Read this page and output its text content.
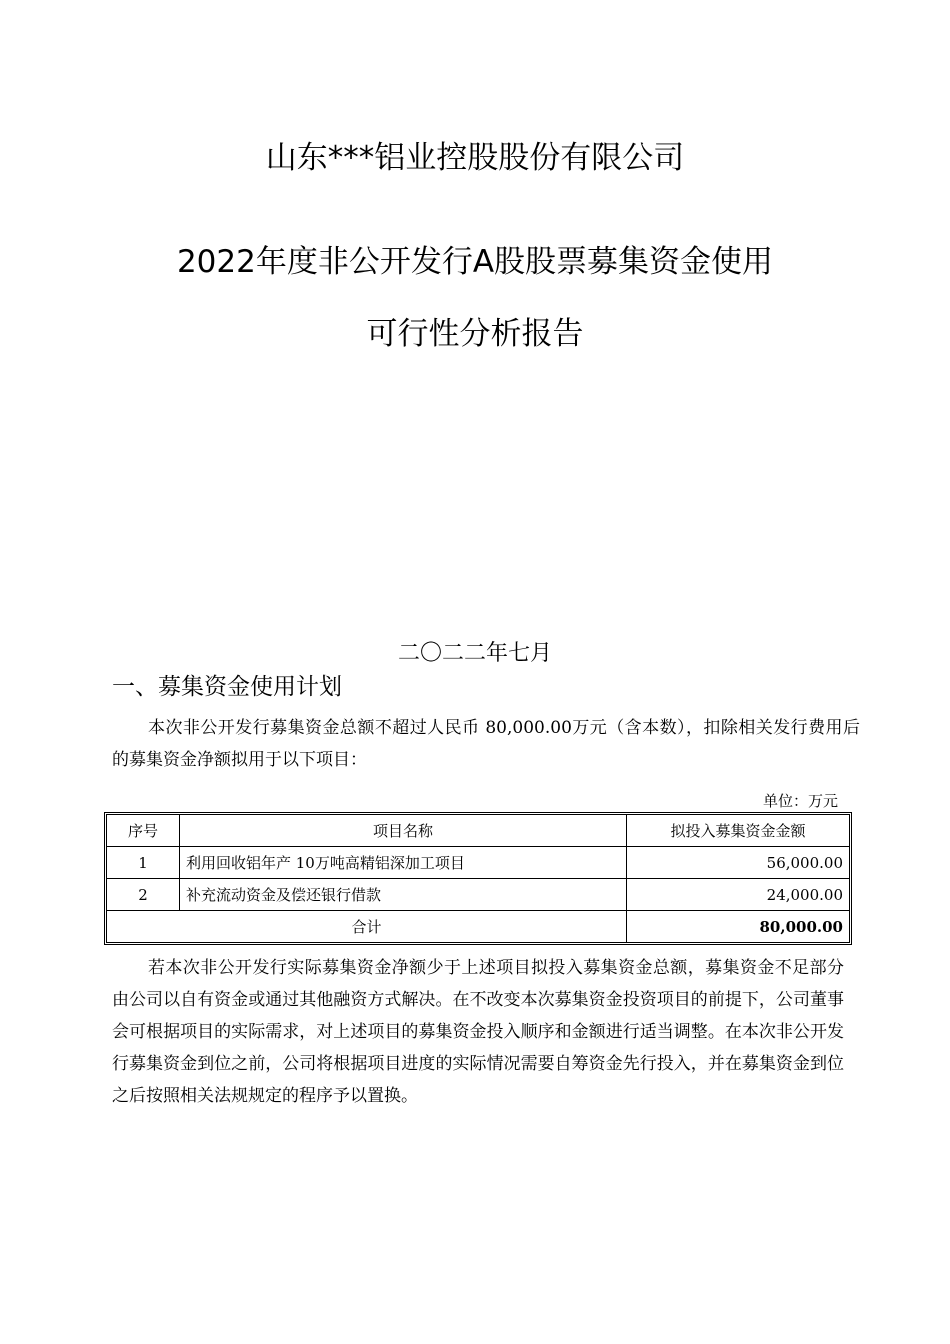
山东***铝业控股股份有限公司
2022年度非公开发行A股股票募集资金使用
可行性分析报告
二〇二二年七月
一、募集资金使用计划
本次非公开发行募集资金总额不超过人民币 80,000.00万元（含本数），扣除相关发行费用后的募集资金净额拟用于以下项目：
单位：万元
序号	项目名称	拟投入募集资金金额
1	利用回收铝年产 10万吨高精铝深加工项目	56,000.00
2	补充流动资金及偿还银行借款	24,000.00
合计		80,000.00
若本次非公开发行实际募集资金净额少于上述项目拟投入募集资金总额，募集资金不足部分由公司以自有资金或通过其他融资方式解决。在不改变本次募集资金投资项目的前提下，公司董事会可根据项目的实际需求，对上述项目的募集资金投入顺序和金额进行适当调整。在本次非公开发行募集资金到位之前，公司将根据项目进度的实际情况需要自筹资金先行投入，并在募集资金到位之后按照相关法规规定的程序予以置换。
